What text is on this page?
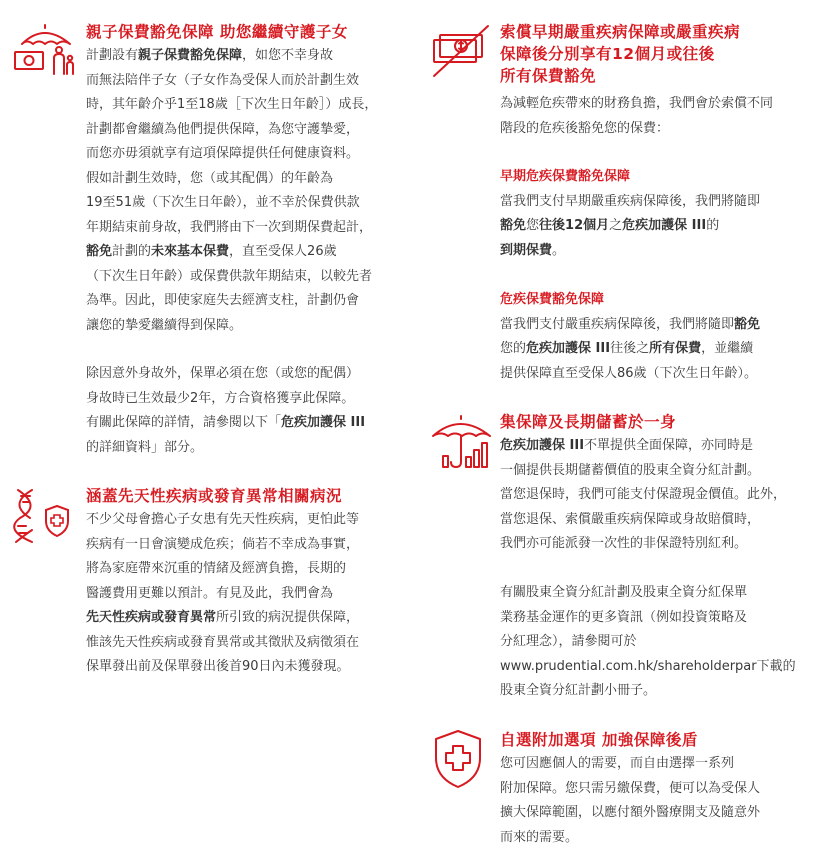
親子保費豁免保障 助您繼續守護子女
計劃設有親子保費豁免保障，如您不幸身故
而無法陪伴子女（子女作為受保人而於計劃生效
時，其年齡介乎1至18歲［下次生日年齡］）成長，
計劃都會繼續為他們提供保障，為您守護摯愛，
而您亦毋須就享有這項保障提供任何健康資料。
假如計劃生效時，您（或其配偶）的年齡為
19至51歲（下次生日年齡），並不幸於保費供款
年期結束前身故，我們將由下一次到期保費起計，
豁免計劃的未來基本保費，直至受保人26歲
（下次生日年齡）或保費供款年期結束，以較先者
為準。因此，即使家庭失去經濟支柱，計劃仍會
讓您的摯愛繼續得到保障。
除因意外身故外，保單必須在您（或您的配偶）
身故時已生效最少2年，方合資格獲享此保障。
有關此保障的詳情，請參閱以下「危疾加護保 III
的詳細資料」部分。
涵蓋先天性疾病或發育異常相關病況
不少父母會擔心子女患有先天性疾病，更怕此等
疾病有一日會演變成危疾；倘若不幸成為事實，
將為家庭帶來沉重的情緒及經濟負擔，長期的
醫護費用更難以預計。有見及此，我們會為
先天性疾病或發育異常所引致的病況提供保障，
惟該先天性疾病或發育異常或其徵狀及病徵須在
保單發出前及保單發出後首90日內未獲發現。
索償早期嚴重疾病保障或嚴重疾病
保障後分別享有12個月或往後
所有保費豁免
為減輕危疾帶來的財務負擔，我們會於索償不同
階段的危疾後豁免您的保費：
早期危疾保費豁免保障
當我們支付早期嚴重疾病保障後，我們將隨即
豁免您往後12個月之危疾加護保 III的
到期保費。
危疾保費豁免保障
當我們支付嚴重疾病保障後，我們將隨即豁免
您的危疾加護保 III往後之所有保費，並繼續
提供保障直至受保人86歲（下次生日年齡）。
集保障及長期儲蓄於一身
危疾加護保 III不單提供全面保障，亦同時是
一個提供長期儲蓄價值的股東全資分紅計劃。
當您退保時，我們可能支付保證現金價值。此外，
當您退保、索償嚴重疾病保障或身故賠償時，
我們亦可能派發一次性的非保證特別紅利。
有關股東全資分紅計劃及股東全資分紅保單
業務基金運作的更多資訊（例如投資策略及
分紅理念），請參閱可於
www.prudential.com.hk/shareholderpar下載的
股東全資分紅計劃小冊子。
自選附加選項 加強保障後盾
您可因應個人的需要，而自由選擇一系列
附加保障。您只需另繳保費，便可以為受保人
擴大保障範圍，以應付額外醫療開支及隨意外
而來的需要。
